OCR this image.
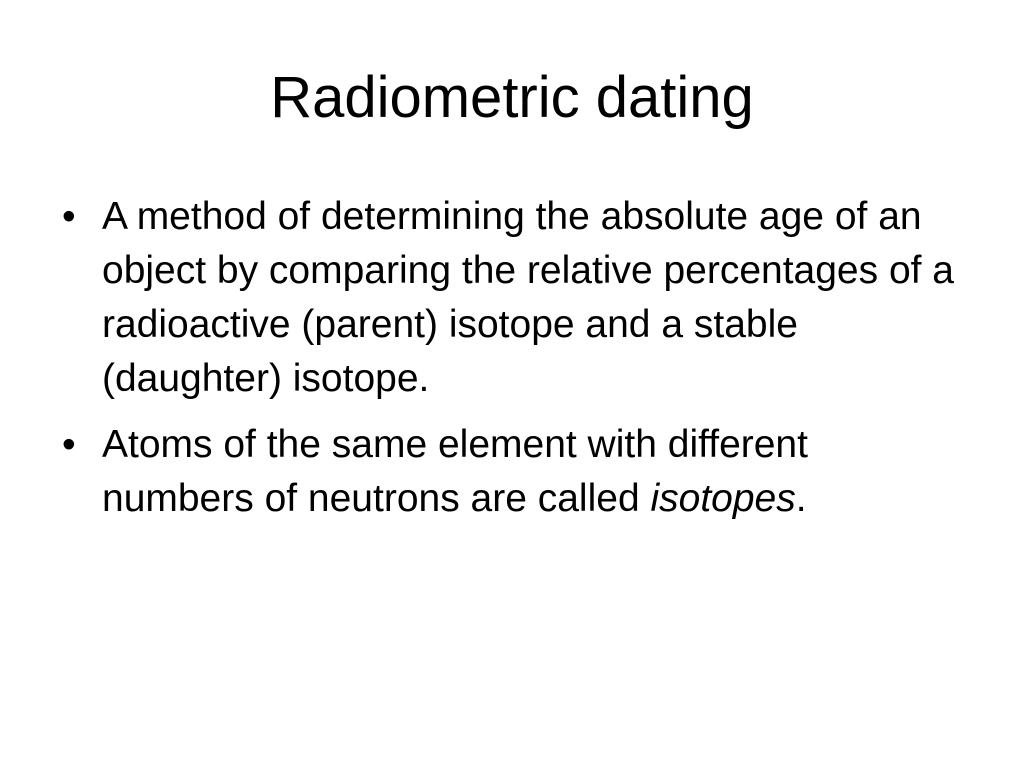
Radiometric dating
• A method of determining the absolute age of an object by comparing the relative percentages of a radioactive (parent) isotope and a stable (daughter) isotope.
• Atoms of the same element with different numbers of neutrons are called isotopes.
